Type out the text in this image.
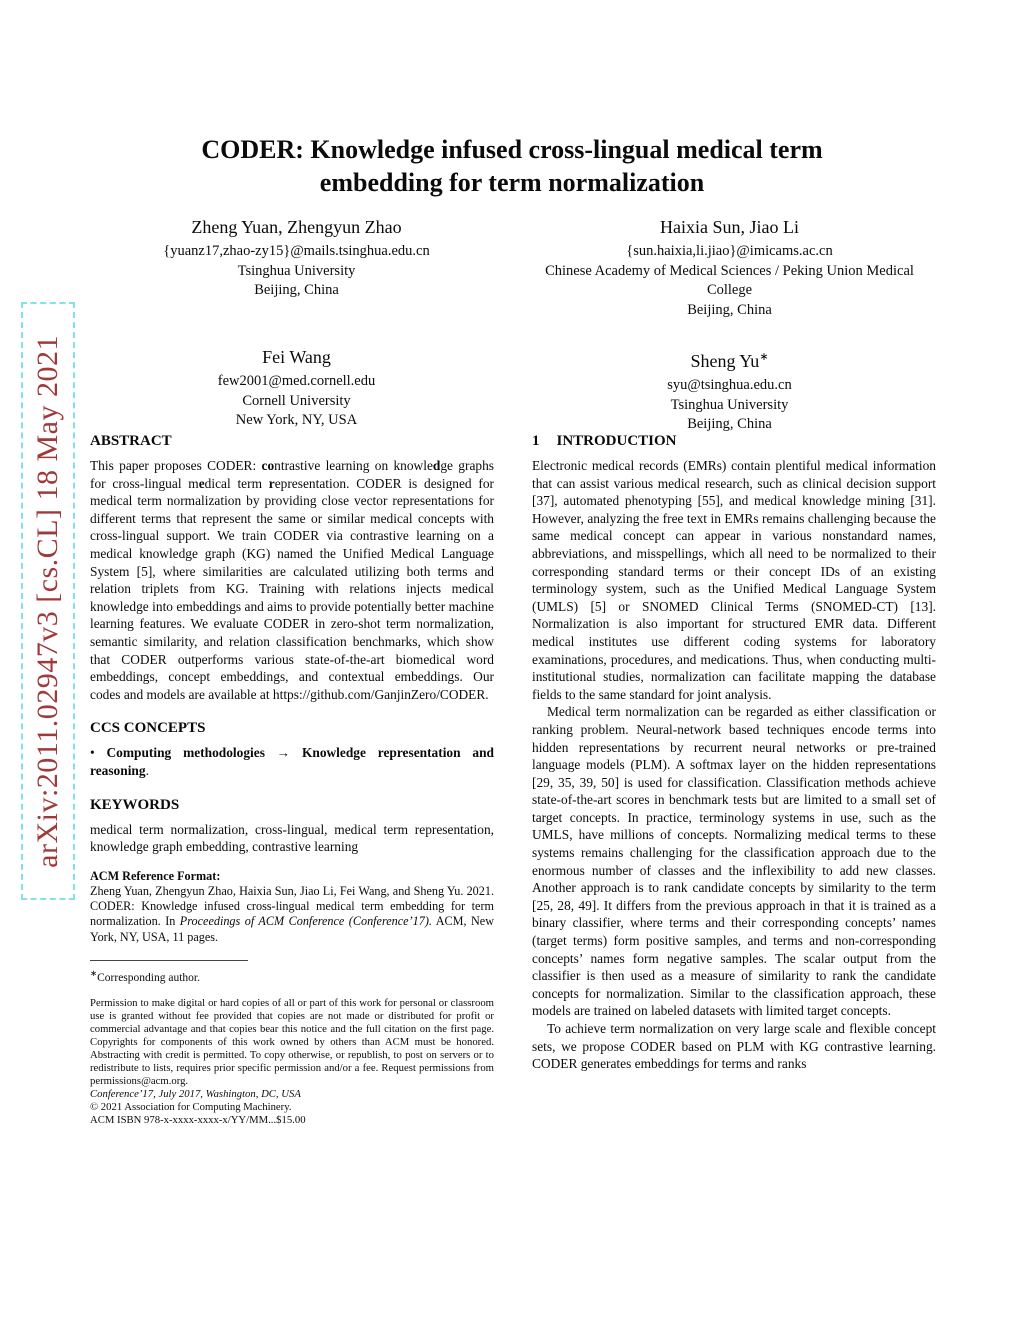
arXiv:2011.02947v3 [cs.CL] 18 May 2021
CODER: Knowledge infused cross-lingual medical term embedding for term normalization
Zheng Yuan, Zhengyun Zhao
{yuanz17,zhao-zy15}@mails.tsinghua.edu.cn
Tsinghua University
Beijing, China
Haixia Sun, Jiao Li
{sun.haixia,li.jiao}@imicams.ac.cn
Chinese Academy of Medical Sciences / Peking Union Medical College
Beijing, China
Fei Wang
few2001@med.cornell.edu
Cornell University
New York, NY, USA
Sheng Yu∗
syu@tsinghua.edu.cn
Tsinghua University
Beijing, China
ABSTRACT

This paper proposes CODER: contrastive learning on knowledge graphs for cross-lingual medical term representation. CODER is designed for medical term normalization by providing close vector representations for different terms that represent the same or similar medical concepts with cross-lingual support. We train CODER via contrastive learning on a medical knowledge graph (KG) named the Unified Medical Language System [5], where similarities are calculated utilizing both terms and relation triplets from KG. Training with relations injects medical knowledge into embeddings and aims to provide potentially better machine learning features. We evaluate CODER in zero-shot term normalization, semantic similarity, and relation classification benchmarks, which show that CODER outperforms various state-of-the-art biomedical word embeddings, concept embeddings, and contextual embeddings. Our codes and models are available at https://github.com/GanjinZero/CODER.

CCS CONCEPTS

• Computing methodologies → Knowledge representation and reasoning.

KEYWORDS

medical term normalization, cross-lingual, medical term representation, knowledge graph embedding, contrastive learning

ACM Reference Format:

Zheng Yuan, Zhengyun Zhao, Haixia Sun, Jiao Li, Fei Wang, and Sheng Yu. 2021. CODER: Knowledge infused cross-lingual medical term embedding for term normalization. In Proceedings of ACM Conference (Conference’17). ACM, New York, NY, USA, 11 pages.

∗Corresponding author.

Permission to make digital or hard copies of all or part of this work for personal or classroom use is granted without fee provided that copies are not made or distributed for profit or commercial advantage and that copies bear this notice and the full citation on the first page. Copyrights for components of this work owned by others than ACM must be honored. Abstracting with credit is permitted. To copy otherwise, or republish, to post on servers or to redistribute to lists, requires prior specific permission and/or a fee. Request permissions from permissions@acm.org.

Conference’17, July 2017, Washington, DC, USA

© 2021 Association for Computing Machinery.

ACM ISBN 978-x-xxxx-xxxx-x/YY/MM...$15.00

1 INTRODUCTION

Electronic medical records (EMRs) contain plentiful medical information that can assist various medical research, such as clinical decision support [37], automated phenotyping [55], and medical knowledge mining [31]. However, analyzing the free text in EMRs remains challenging because the same medical concept can appear in various nonstandard names, abbreviations, and misspellings, which all need to be normalized to their corresponding standard terms or their concept IDs of an existing terminology system, such as the Unified Medical Language System (UMLS) [5] or SNOMED Clinical Terms (SNOMED-CT) [13]. Normalization is also important for structured EMR data. Different medical institutes use different coding systems for laboratory examinations, procedures, and medications. Thus, when conducting multi-institutional studies, normalization can facilitate mapping the database fields to the same standard for joint analysis.

Medical term normalization can be regarded as either classification or ranking problem. Neural-network based techniques encode terms into hidden representations by recurrent neural networks or pre-trained language models (PLM). A softmax layer on the hidden representations [29, 35, 39, 50] is used for classification. Classification methods achieve state-of-the-art scores in benchmark tests but are limited to a small set of target concepts. In practice, terminology systems in use, such as the UMLS, have millions of concepts. Normalizing medical terms to these systems remains challenging for the classification approach due to the enormous number of classes and the inflexibility to add new classes. Another approach is to rank candidate concepts by similarity to the term [25, 28, 49]. It differs from the previous approach in that it is trained as a binary classifier, where terms and their corresponding concepts’ names (target terms) form positive samples, and terms and non-corresponding concepts’ names form negative samples. The scalar output from the classifier is then used as a measure of similarity to rank the candidate concepts for normalization. Similar to the classification approach, these models are trained on labeled datasets with limited target concepts.

To achieve term normalization on very large scale and flexible concept sets, we propose CODER based on PLM with KG contrastive learning. CODER generates embeddings for terms and ranks
